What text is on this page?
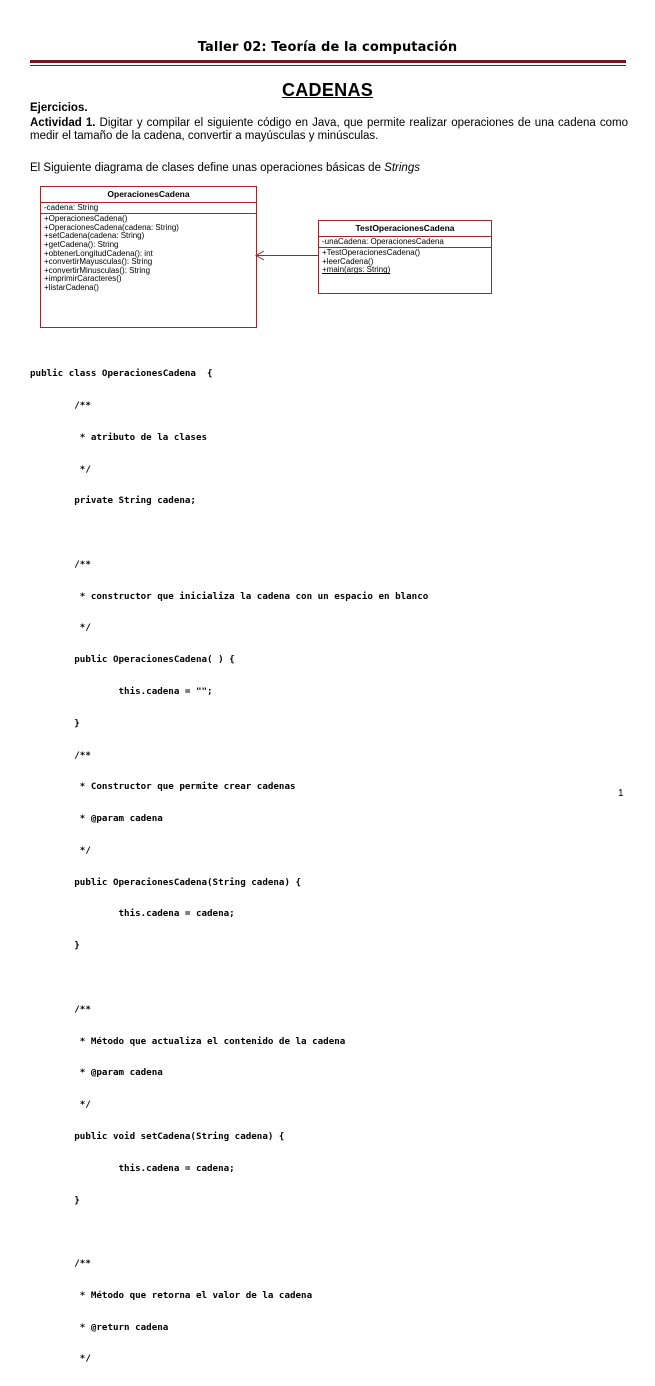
Taller 02: Teoría de la computación
CADENAS
Ejercicios.
Actividad 1. Digitar y compilar el siguiente código en Java, que permite realizar operaciones de una cadena como medir el tamaño de la cadena, convertir a mayúsculas y minúsculas.
El Siguiente diagrama de clases define unas operaciones básicas de Strings
OperacionesCadena
-cadena: String
+OperacionesCadena()
+OperacionesCadena(cadena: String)
+setCadena(cadena: String)
+getCadena(): String
+obtenerLongitudCadena(): int
+convertirMayusculas(): String
+convertirMinusculas(): String
+imprimirCaracteres()
+listarCadena()
TestOperacionesCadena
-unaCadena: OperacionesCadena
+TestOperacionesCadena()
+leerCadena()
+main(args: String)

public class OperacionesCadena  {

/**

* atributo de la clases

*/

private String cadena;

/**

* constructor que inicializa la cadena con un espacio en blanco

*/

public OperacionesCadena( ) {

this.cadena = "";

}

/**

* Constructor que permite crear cadenas

* @param cadena

*/

public OperacionesCadena(String cadena) {

this.cadena = cadena;

}

/**

* Método que actualiza el contenido de la cadena

* @param cadena

*/

public void setCadena(String cadena) {

this.cadena = cadena;

}

/**

* Método que retorna el valor de la cadena

* @return cadena

*/

1
